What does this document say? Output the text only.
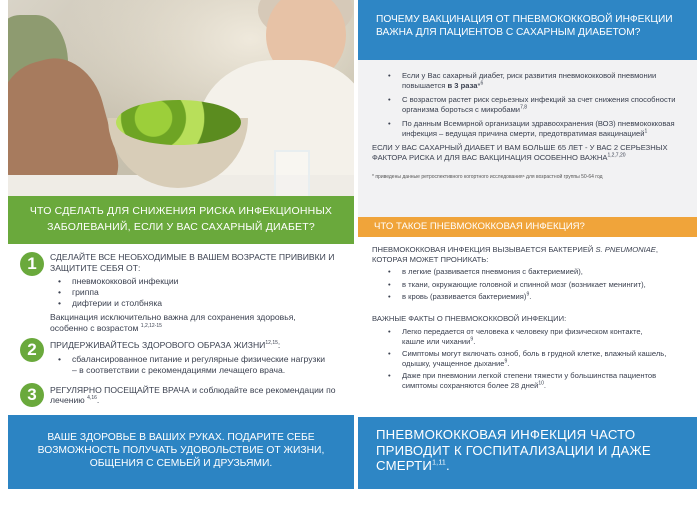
ЧТО СДЕЛАТЬ ДЛЯ СНИЖЕНИЯ РИСКА ИНФЕКЦИОННЫХ ЗАБОЛЕВАНИЙ, ЕСЛИ У ВАС САХАРНЫЙ ДИАБЕТ?
1	СДЕЛАЙТЕ ВСЕ НЕОБХОДИМЫЕ В ВАШЕМ ВОЗРАСТЕ ПРИВИВКИ И ЗАЩИТИТЕ СЕБЯ ОТ:
• пневмококковой инфекции
• гриппа
• дифтерии и столбняка
Вакцинация исключительно важна для сохранения здоровья, особенно с возрастом $^{1,2,12-15}$
2	ПРИДЕРЖИВАЙТЕСЬ ЗДОРОВОГО ОБРАЗА ЖИЗНИ$^{12,15}$:
• сбалансированное питание и регулярные физические нагрузки – в соответствии с рекомендациями лечащего врача.
3	РЕГУЛЯРНО ПОСЕЩАЙТЕ ВРАЧА и соблюдайте все рекомендации по лечению $^{4,16}$.
ВАШЕ ЗДОРОВЬЕ В ВАШИХ РУКАХ. ПОДАРИТЕ СЕБЕ ВОЗМОЖНОСТЬ ПОЛУЧАТЬ УДОВОЛЬСТВИЕ ОТ ЖИЗНИ, ОБЩЕНИЯ С СЕМЬЕЙ И ДРУЗЬЯМИ.
ПОЧЕМУ ВАКЦИНАЦИЯ ОТ ПНЕВМОКОККОВОЙ ИНФЕКЦИИ ВАЖНА ДЛЯ ПАЦИЕНТОВ С САХАРНЫМ ДИАБЕТОМ?
• Если у Вас сахарный диабет, риск развития пневмококковой пневмонии повышается в 3 раза*$^6$
• С возрастом растет риск серьезных инфекций за счет снижения способности организма бороться с микробами$^{7,8}$
• По данным Всемирной организации здравоохранения (ВОЗ) пневмококковая инфекция – ведущая причина смерти, предотвратимая вакцинацией$^1$
ЕСЛИ У ВАС САХАРНЫЙ ДИАБЕТ И ВАМ БОЛЬШЕ 65 ЛЕТ - У ВАС 2 СЕРЬЕЗНЫХ ФАКТОРА РИСКА И ДЛЯ ВАС ВАКЦИНАЦИЯ ОСОБЕННО ВАЖНА$^{1,2,7,20}$
* приведены данные ретроспективного когортного исследования⁶ для возрастной группы 50-64 год
ЧТО ТАКОЕ ПНЕВМОКОККОВАЯ ИНФЕКЦИЯ?
ПНЕВМОКОККОВАЯ ИНФЕКЦИЯ ВЫЗЫВАЕТСЯ БАКТЕРИЕЙ S. PNEUMONIAE, КОТОРАЯ МОЖЕТ ПРОНИКАТЬ:
• в легкие (развивается пневмония с бактериемией),
• в ткани, окружающие головной и спинной мозг (возникает менингит),
• в кровь (развивается бактериемия)$^9$.
ВАЖНЫЕ ФАКТЫ О ПНЕВМОКОККОВОЙ ИНФЕКЦИИ:
• Легко передается от человека к человеку при физическом контакте, кашле или чихании$^9$.
• Симптомы могут включать озноб, боль в грудной клетке, влажный кашель, одышку, учащенное дыхание$^9$.
• Даже при пневмонии легкой степени тяжести у большинства пациентов симптомы сохраняются более 28 дней$^{10}$.
ПНЕВМОКОККОВАЯ ИНФЕКЦИЯ ЧАСТО ПРИВОДИТ К ГОСПИТАЛИЗАЦИИ И ДАЖЕ СМЕРТИ$^{1,11}$.
